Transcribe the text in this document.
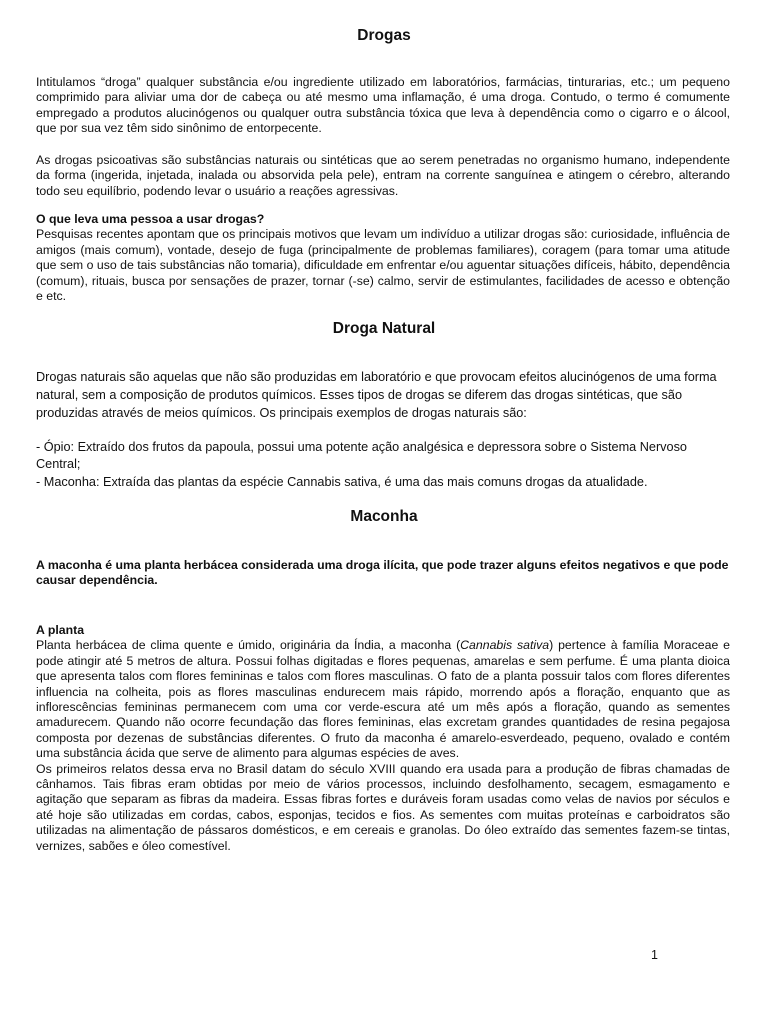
Drogas

Intitulamos “droga” qualquer substância e/ou ingrediente utilizado em laboratórios, farmácias, tinturarias, etc.; um pequeno comprimido para aliviar uma dor de cabeça ou até mesmo uma inflamação, é uma droga. Contudo, o termo é comumente empregado a produtos alucinógenos ou qualquer outra substância tóxica que leva à dependência como o cigarro e o álcool, que por sua vez têm sido sinônimo de entorpecente.

As drogas psicoativas são substâncias naturais ou sintéticas que ao serem penetradas no organismo humano, independente da forma (ingerida, injetada, inalada ou absorvida pela pele), entram na corrente sanguínea e atingem o cérebro, alterando todo seu equilíbrio, podendo levar o usuário a reações agressivas.

O que leva uma pessoa a usar drogas?

Pesquisas recentes apontam que os principais motivos que levam um indivíduo a utilizar drogas são: curiosidade, influência de amigos (mais comum), vontade, desejo de fuga (principalmente de problemas familiares), coragem (para tomar uma atitude que sem o uso de tais substâncias não tomaria), dificuldade em enfrentar e/ou aguentar situações difíceis, hábito, dependência (comum), rituais, busca por sensações de prazer, tornar (-se) calmo, servir de estimulantes, facilidades de acesso e obtenção e etc.

Droga Natural

Drogas naturais são aquelas que não são produzidas em laboratório e que provocam efeitos alucinógenos de uma forma natural, sem a composição de produtos químicos. Esses tipos de drogas se diferem das drogas sintéticas, que são produzidas através de meios químicos. Os principais exemplos de drogas naturais são:

- Ópio: Extraído dos frutos da papoula, possui uma potente ação analgésica e depressora sobre o Sistema Nervoso Central;

- Maconha: Extraída das plantas da espécie Cannabis sativa, é uma das mais comuns drogas da atualidade.

Maconha

A maconha é uma planta herbácea considerada uma droga ilícita, que pode trazer alguns efeitos negativos e que pode causar dependência.

A planta

Planta herbácea de clima quente e úmido, originária da Índia, a maconha (Cannabis sativa) pertence à família Moraceae e pode atingir até 5 metros de altura. Possui folhas digitadas e flores pequenas, amarelas e sem perfume. É uma planta dioica que apresenta talos com flores femininas e talos com flores masculinas. O fato de a planta possuir talos com flores diferentes influencia na colheita, pois as flores masculinas endurecem mais rápido, morrendo após a floração, enquanto que as inflorescências femininas permanecem com uma cor verde-escura até um mês após a floração, quando as sementes amadurecem. Quando não ocorre fecundação das flores femininas, elas excretam grandes quantidades de resina pegajosa composta por dezenas de substâncias diferentes. O fruto da maconha é amarelo-esverdeado, pequeno, ovalado e contém uma substância ácida que serve de alimento para algumas espécies de aves.

Os primeiros relatos dessa erva no Brasil datam do século XVIII quando era usada para a produção de fibras chamadas de cânhamos. Tais fibras eram obtidas por meio de vários processos, incluindo desfolhamento, secagem, esmagamento e agitação que separam as fibras da madeira. Essas fibras fortes e duráveis foram usadas como velas de navios por séculos e até hoje são utilizadas em cordas, cabos, esponjas, tecidos e fios. As sementes com muitas proteínas e carboidratos são utilizadas na alimentação de pássaros domésticos, e em cereais e granolas. Do óleo extraído das sementes fazem-se tintas, vernizes, sabões e óleo comestível.

1
